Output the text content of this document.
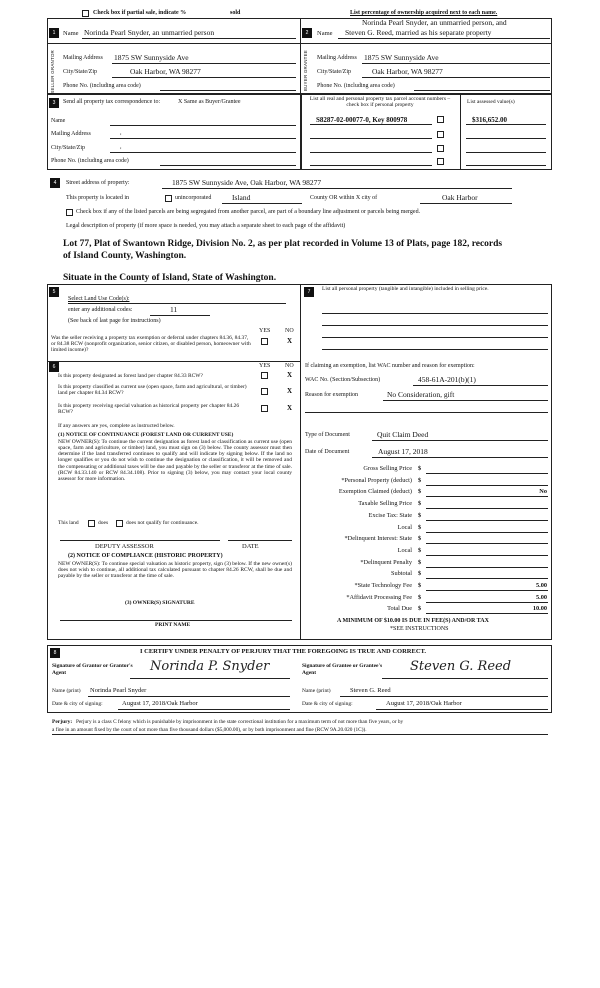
Check box if partial sale, indicate %	sold	List percentage of ownership acquired next to each name.
1
SELLER GRANTOR
Name Norinda Pearl Snyder, an unmarried person
Mailing Address 1875 SW Sunnyside Ave
City/State/Zip	Oak Harbor, WA 98277
Phone No. (including area code)
2
BUYER GRANTEE
Name
Norinda Pearl Snyder, an unmarried person, and
Steven G. Reed, married as his separate property
Mailing Address 1875 SW Sunnyside Ave
City/State/Zip	Oak Harbor, WA 98277
Phone No. (including area code)
3	Send all property tax correspondence to:	X Same as Buyer/Grantee
Name
Mailing Address	,
City/State/Zip	,
Phone No. (including area code)
List all real and personal property tax parcel account numbers – check box if personal property
List assessed value(s)
S8287-02-00077-0, Key 800978	$316,652.00
4	Street address of property:	1875 SW Sunnyside Ave, Oak Harbor, WA 98277
This property is located in	unincorporated	Island	County OR within X city of	Oak Harbor
Check box if any of the listed parcels are being segregated from another parcel, are part of a boundary line adjustment or parcels being merged.
Legal description of property (if more space is needed, you may attach a separate sheet to each page of the affidavit)
Lot 77, Plat of Swantown Ridge, Division No. 2, as per plat recorded in Volume 13 of Plats, page 182, records
of Island County, Washington.
Situate in the County of Island, State of Washington.
5
Select Land Use Code(s):
enter any additional codes:	11
(See back of last page for instructions)
YES NO
Was the seller receiving a property tax exemption or deferral under chapters 84.36, 84.37, or 84.38 RCW (nonprofit organization, senior citizen, or disabled person, homeowner with limited income)?
X
6	YES NO
Is this property designated as forest land per chapter 84.33 RCW?	X
Is this property classified as current use (open space, farm and agricultural, or timber) land per chapter 84.34 RCW?	X
Is this property receiving special valuation as historical property per chapter 84.26 RCW?
X
If any answers are yes, complete as instructed below.
(1) NOTICE OF CONTINUANCE (FOREST LAND OR CURRENT USE)
NEW OWNER(S): To continue the current designation as forest land or classification as current use (open space, farm and agriculture, or timber) land, you must sign on (3) below. The county assessor must then determine if the land transferred continues to qualify and will indicate by signing below. If the land no longer qualifies or you do not wish to continue the designation or classification, it will be removed and the compensating or additional taxes will be due and payable by the seller or transferor at the time of sale. (RCW 84.33.140 or RCW 84.34.108). Prior to signing (3) below, you may contact your local county assessor for more information.
This land	does	does not qualify for continuance.
DEPUTY ASSESSOR	DATE
(2) NOTICE OF COMPLIANCE (HISTORIC PROPERTY)
NEW OWNER(S): To continue special valuation as historic property, sign (3) below. If the new owner(s) does not wish to continue, all additional tax calculated pursuant to chapter 84.26 RCW, shall be due and payable by the seller or transferor at the time of sale.
(3) OWNER(S) SIGNATURE
PRINT NAME
7	List all personal property (tangible and intangible) included in selling price.
If claiming an exemption, list WAC number and reason for exemption:
WAC No. (Section/Subsection)	458-61A-201(b)(1)
Reason for exemption	No Consideration, gift
Type of Document	Quit Claim Deed
Date of Document	August 17, 2018
Gross Selling Price $
*Personal Property (deduct) $
Exemption Claimed (deduct) $	No
Taxable Selling Price $
Excise Tax: State $
Local $
*Delinquent Interest: State $
Local $
*Delinquent Penalty $
Subtotal $
*State Technology Fee $	5.00
*Affidavit Processing Fee $	5.00
Total Due $	10.00
A MINIMUM OF $10.00 IS DUE IN FEE(S) AND/OR TAX
*SEE INSTRUCTIONS
8	I CERTIFY UNDER PENALTY OF PERJURY THAT THE FOREGOING IS TRUE AND CORRECT.
Signature of Grantor or Grantor's Agent	Norinda P. Snyder
Name (print) Norinda Pearl Snyder
Date & city of signing:	August 17, 2018/Oak Harbor
Signature of Grantee or Grantee's Agent	Steven G. Reed
Name (print)	Steven G. Reed
Date & city of signing:	August 17, 2018/Oak Harbor
Perjury: Perjury is a class C felony which is punishable by imprisonment in the state correctional institution for a maximum term of not more than five years, or by
a fine in an amount fixed by the court of not more than five thousand dollars ($5,000.00), or by both imprisonment and fine (RCW 9A.20.020 (1C)).
